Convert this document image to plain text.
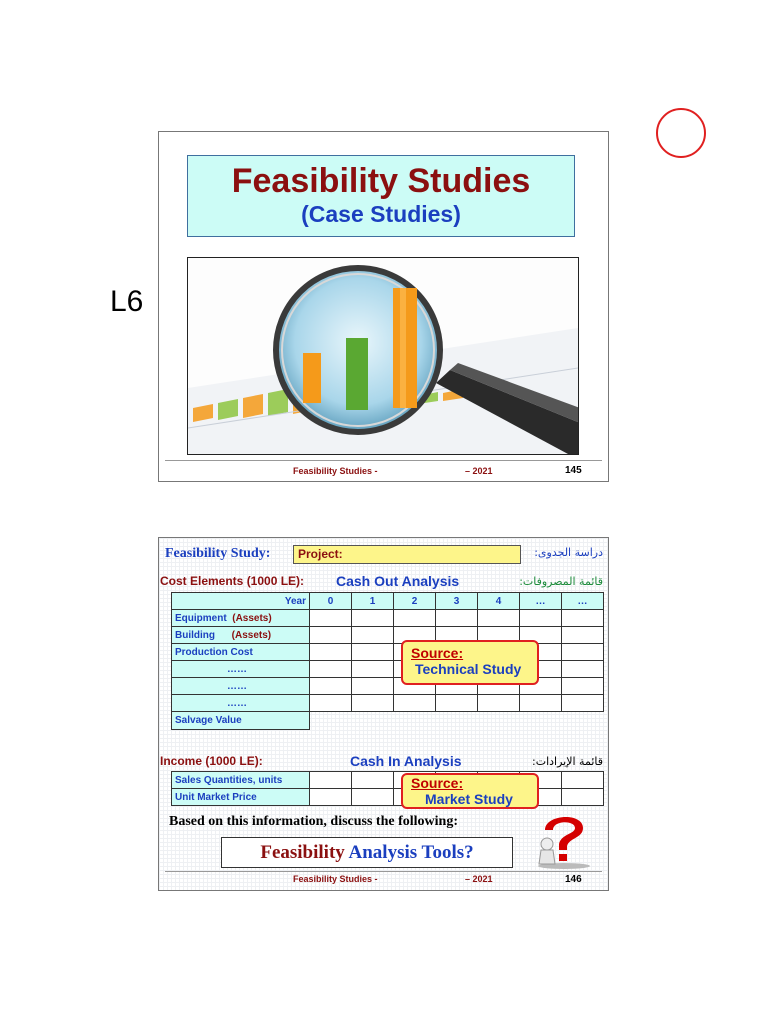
L6
Feasibility Studies
(Case Studies)
Feasibility Studies -	– 2021	145
Feasibility Study:	Project:	دراسة الجدوى:
Cost Elements (1000 LE): Cash Out Analysis	قائمة المصروفات:
Year	0	1	2	3	4	…	…
Equipment (Assets)							
Building (Assets)							
Production Cost							
……							
……							
……							
Salvage Value							
Source:
Technical Study
Income (1000 LE):	Cash In Analysis	قائمة الإيرادات:
Sales Quantities, units							
Unit Market Price							
Source:
Market Study
Based on this information, discuss the following:
Feasibility Analysis Tools?
Feasibility Studies -	– 2021	146
